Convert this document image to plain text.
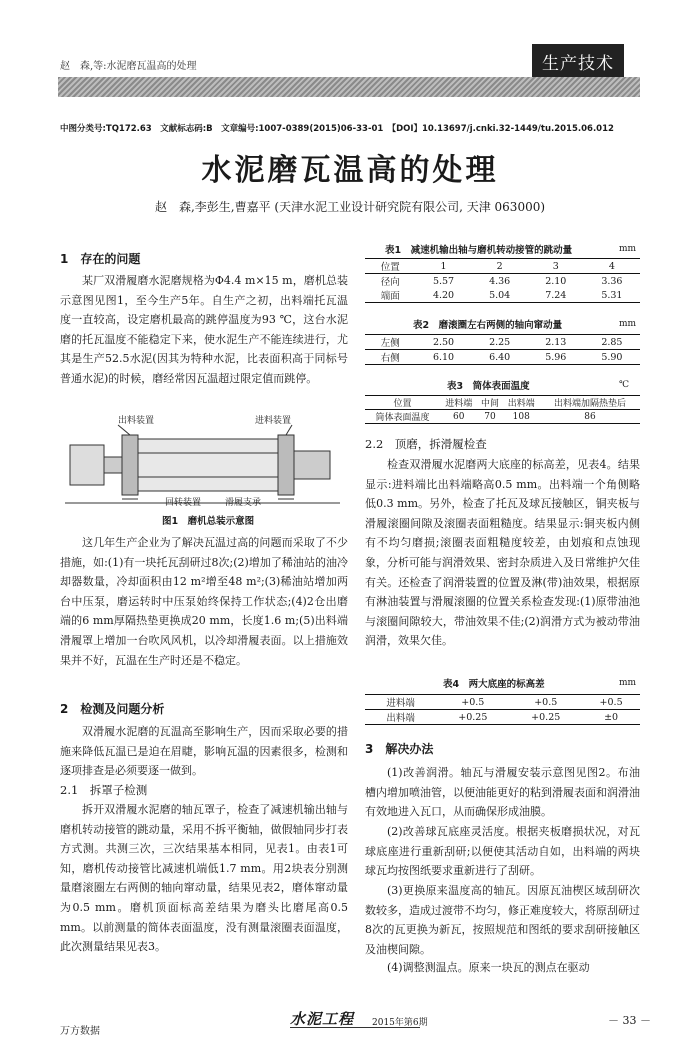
赵　森,等:水泥磨瓦温高的处理	生产技术
中图分类号:TQ172.63　文献标志码:B　文章编号:1007-0389(2015)06-33-01　【DOI】10.13697/j.cnki.32-1449/tu.2015.06.012
水泥磨瓦温高的处理
赵　森,李彭生,曹嘉平 (天津水泥工业设计研究院有限公司, 天津 063000)
1　存在的问题

某厂双滑履磨水泥磨规格为Φ4.4 m×15 m，磨机总装示意图见图1，至今生产5年。自生产之初，出料端托瓦温度一直较高，设定磨机最高的跳停温度为93 ℃，这台水泥磨的托瓦温度不能稳定下来，使水泥生产不能连续进行，尤其是生产52.5水泥(因其为特种水泥，比表面积高于同标号普通水泥)的时候，磨经常因瓦温超过限定值而跳停。

出料装置	进料装置
回转装置	滑履支承
图1　磨机总装示意图

这几年生产企业为了解决瓦温过高的问题而采取了不少措施，如:(1)有一块托瓦刮研过8次;(2)增加了稀油站的油冷却器数量，冷却面积由12 m²增至48 m²;(3)稀油站增加两台中压泵，磨运转时中压泵始终保持工作状态;(4)2仓出磨端的6 mm厚隔热垫更换成20 mm，长度1.6 m;(5)出料端滑履罩上增加一台吹风风机，以冷却滑履表面。以上措施效果并不好，瓦温在生产时还是不稳定。

2　检测及问题分析

双滑履水泥磨的瓦温高至影响生产，因而采取必要的措施来降低瓦温已是迫在眉睫，影响瓦温的因素很多，检测和逐项排查是必须要逐一做到。

2.1　拆罩子检测

拆开双滑履水泥磨的轴瓦罩子，检查了减速机输出轴与磨机转动接管的跳动量，采用不拆平衡轴，做假轴同步打表方式测。共测三次，三次结果基本相同，见表1。由表1可知，磨机传动接管比减速机端低1.7 mm。用2块表分别测量磨滚圈左右两侧的轴向窜动量，结果见表2，磨体窜动量为0.5 mm。磨机顶面标高差结果为磨头比磨尾高0.5 mm。以前测量的简体表面温度，没有测量滚圈表面温度，此次测量结果见表3。

表1　减速机输出轴与磨机转动接管的跳动量	mm
位置	1	2	3	4
径向	5.57	4.36	2.10	3.36
端面	4.20	5.04	7.24	5.31
表2　磨滚圈左右两侧的轴向窜动量	mm
左侧	2.50	2.25	2.13	2.85
右侧	6.10	6.40	5.96	5.90
表3　筒体表面温度	℃
位置	进料端	中间	出料端	出料端加隔热垫后
筒体表面温度	60	70	108	86
2.2　顶磨，拆滑履检查

检查双滑履水泥磨两大底座的标高差，见表4。结果显示:进料端比出料端略高0.5 mm。出料端一个角侧略低0.3 mm。另外，检查了托瓦及球瓦接触区，铜夹板与滑履滚圈间隙及滚圈表面粗糙度。结果显示:铜夹板内侧有不均匀磨损;滚圈表面粗糙度较差，由划痕和点蚀现象，分析可能与润滑效果、密封杂质进入及日常维护欠佳有关。还检查了润滑装置的位置及淋(带)油效果，根据原有淋油装置与滑履滚圈的位置关系检查发现:(1)原带油池与滚圈间隙较大，带油效果不佳;(2)润滑方式为被动带油润滑，效果欠佳。

表4　两大底座的标高差	mm
进料端	+0.5	+0.5	+0.5
出料端	+0.25	+0.25	±0
3　解决办法

(1)改善润滑。轴瓦与滑履安装示意图见图2。布油槽内增加喷油管，以便油能更好的粘到滑履表面和润滑油有效地进入瓦口，从而确保形成油膜。

(2)改善球瓦底座灵活度。根据夹板磨损状况，对瓦球底座进行重新刮研;以便使其活动自如，出料端的两块球瓦均按图纸要求重新进行了刮研。

(3)更换原来温度高的轴瓦。因原瓦油楔区域刮研次数较多，造成过渡带不均匀，修正难度较大，将原刮研过8次的瓦更换为新瓦，按照规范和图纸的要求刮研接触区及油楔间隙。

(4)调整测温点。原来一块瓦的测点在驱动

水泥工程 2015年第6期	－ 33 －
万方数据
